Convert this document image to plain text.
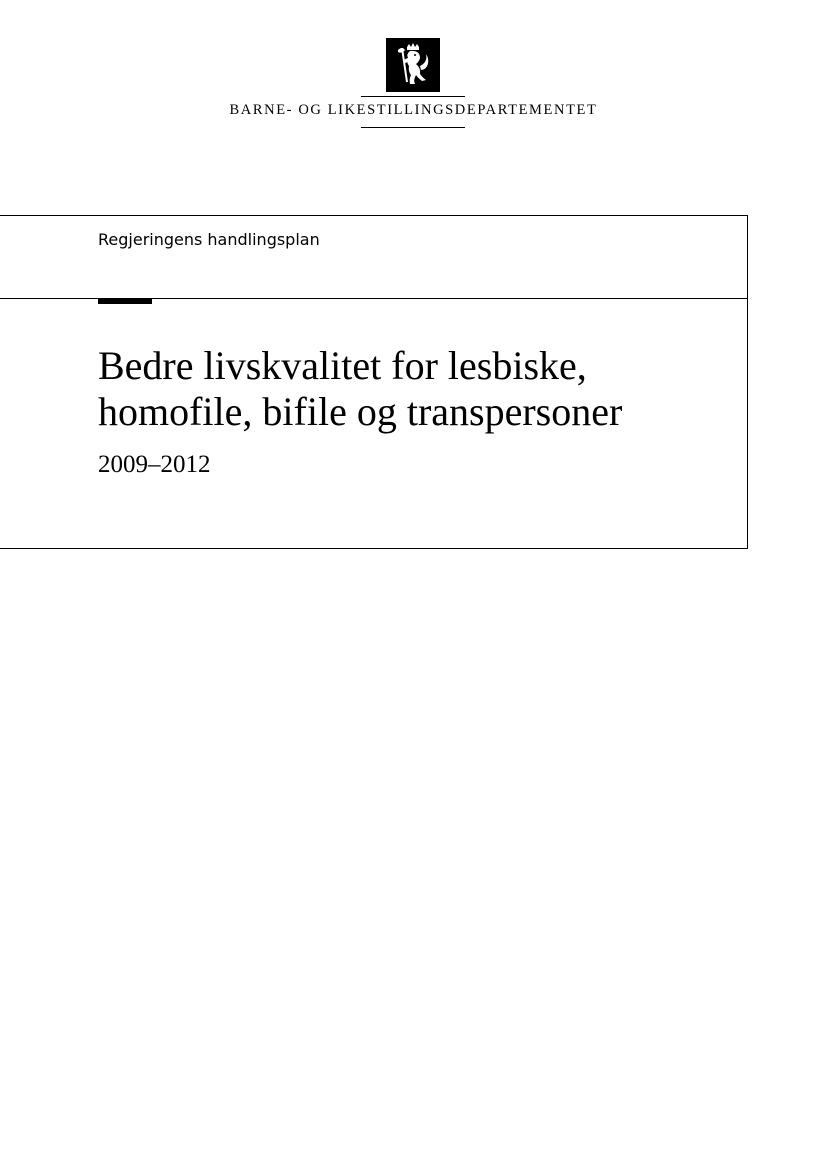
BARNE- OG LIKESTILLINGSDEPARTEMENTET
Regjeringens handlingsplan
Bedre livskvalitet for lesbiske,
homofile, bifile og transpersoner
2009–2012
